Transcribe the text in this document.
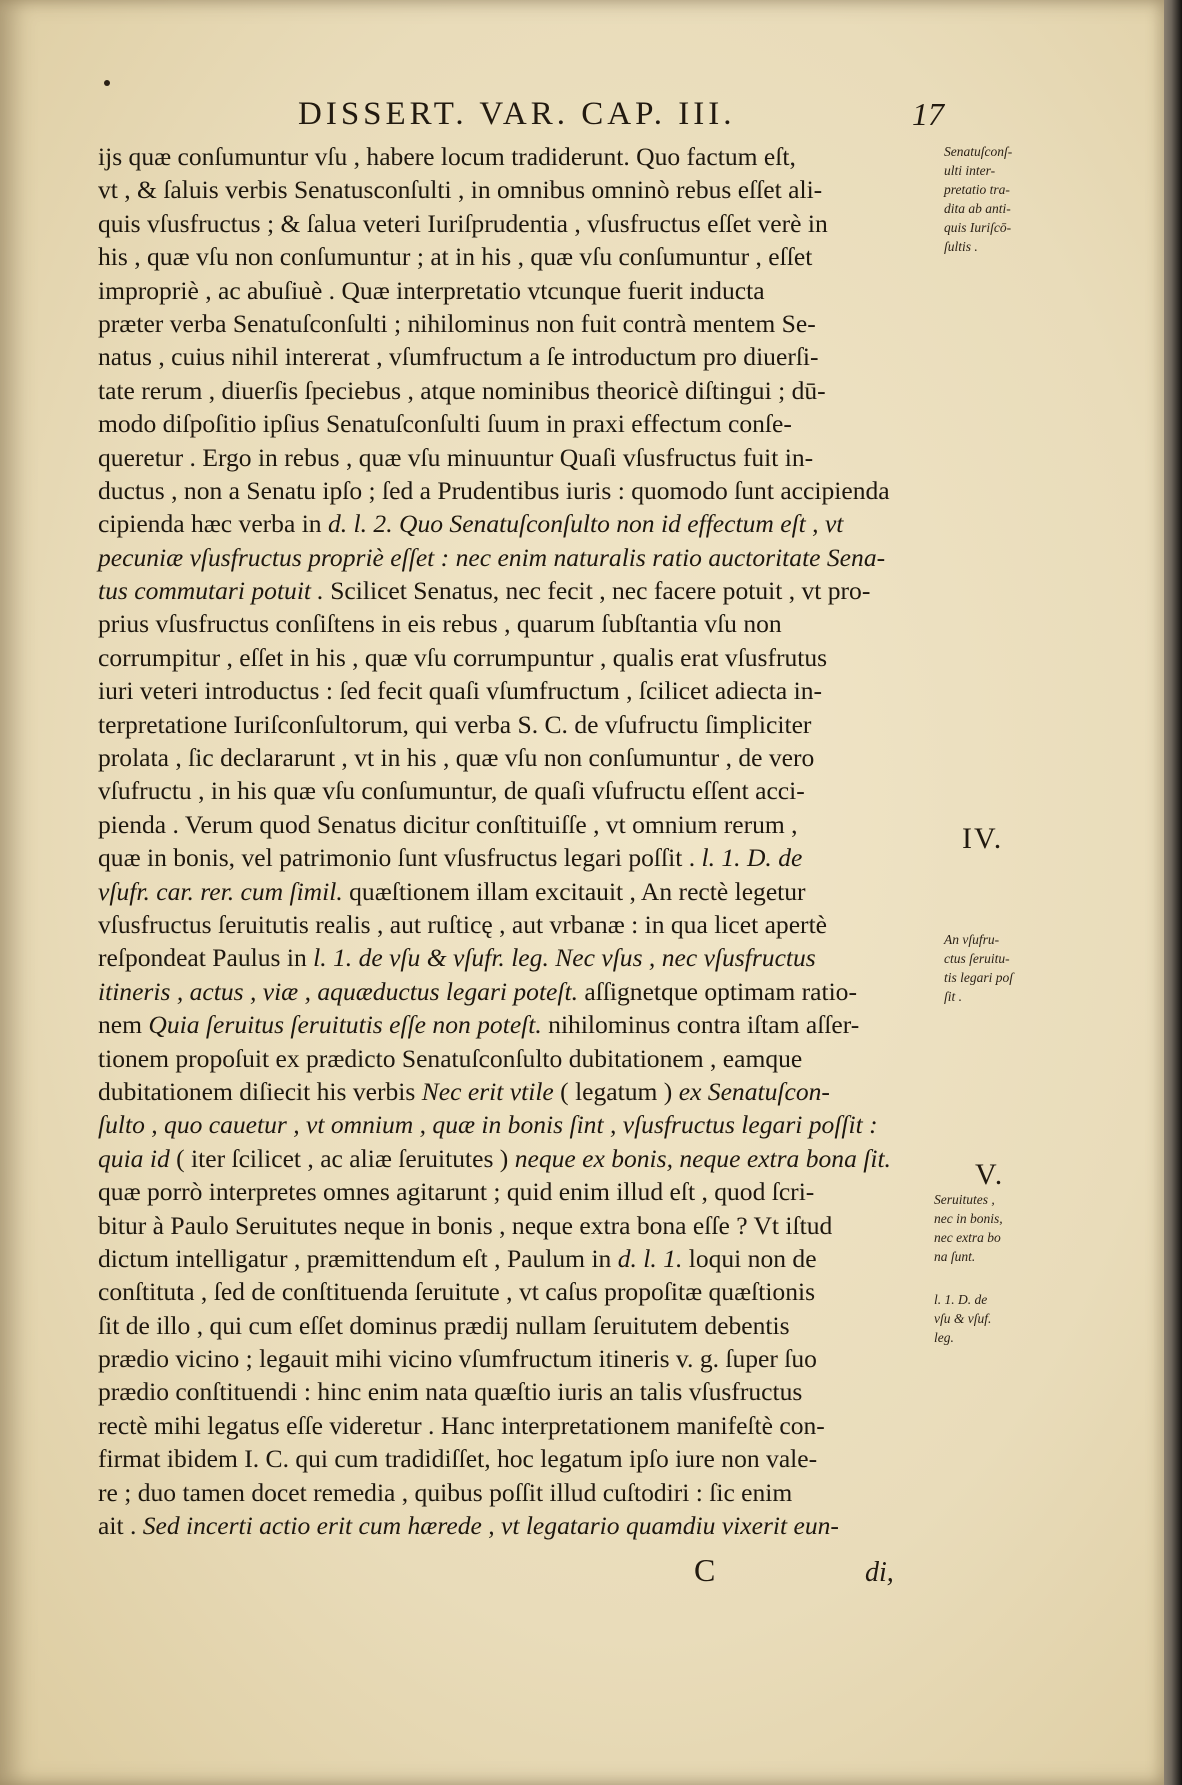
DISSERT. VAR. CAP. III.	17
ijs quæ conſumuntur vſu , habere locum tradiderunt. Quo factum eſt,
vt , & ſaluis verbis Senatusconſulti , in omnibus omninò rebus eſſet ali-
quis vſusfructus ; & ſalua veteri Iuriſprudentia , vſusfructus eſſet verè in
his , quæ vſu non conſumuntur ; at in his , quæ vſu conſumuntur , eſſet
impropriè , ac abuſiuè . Quæ interpretatio vtcunque fuerit inducta
præter verba Senatuſconſulti ; nihilominus non fuit contrà mentem Se-
natus , cuius nihil intererat , vſumfructum a ſe introductum pro diuerſi-
tate rerum , diuerſis ſpeciebus , atque nominibus theoricè diſtingui ; dū-
modo diſpoſitio ipſius Senatuſconſulti ſuum in praxi effectum conſe-
queretur . Ergo in rebus , quæ vſu minuuntur Quaſi vſusfructus fuit in-
ductus , non a Senatu ipſo ; ſed a Prudentibus iuris : quomodo ſunt accipienda
cipienda hæc verba in d. l. 2. Quo Senatuſconſulto non id effectum eſt , vt
pecuniæ vſusfructus propriè eſſet : nec enim naturalis ratio auctoritate Sena-
tus commutari potuit . Scilicet Senatus, nec fecit , nec facere potuit , vt pro-
prius vſusfructus conſiſtens in eis rebus , quarum ſubſtantia vſu non
corrumpitur , eſſet in his , quæ vſu corrumpuntur , qualis erat vſusfrutus
iuri veteri introductus : ſed fecit quaſi vſumfructum , ſcilicet adiecta in-
terpretatione Iuriſconſultorum, qui verba S. C. de vſufructu ſimpliciter
prolata , ſic declararunt , vt in his , quæ vſu non conſumuntur , de vero
vſufructu , in his quæ vſu conſumuntur, de quaſi vſufructu eſſent acci-
pienda . Verum quod Senatus dicitur conſtituiſſe , vt omnium rerum ,
quæ in bonis, vel patrimonio ſunt vſusfructus legari poſſit . l. 1. D. de
vſufr. car. rer. cum ſimil. quæſtionem illam excitauit , An rectè legetur
vſusfructus ſeruitutis realis , aut ruſticę , aut vrbanæ : in qua licet apertè
reſpondeat Paulus in l. 1. de vſu & vſufr. leg. Nec vſus , nec vſusfructus
itineris , actus , viæ , aquæductus legari poteſt. aſſignetque optimam ratio-
nem Quia ſeruitus ſeruitutis eſſe non poteſt. nihilominus contra iſtam aſſer-
tionem propoſuit ex prædicto Senatuſconſulto dubitationem , eamque
dubitationem diſiecit his verbis Nec erit vtile ( legatum ) ex Senatuſcon-
ſulto , quo cauetur , vt omnium , quæ in bonis ſint , vſusfructus legari poſſit :
quia id ( iter ſcilicet , ac aliæ ſeruitutes ) neque ex bonis, neque extra bona ſit.
quæ porrò interpretes omnes agitarunt ; quid enim illud eſt , quod ſcri-
bitur à Paulo Seruitutes neque in bonis , neque extra bona eſſe ? Vt iſtud
dictum intelligatur , præmittendum eſt , Paulum in d. l. 1. loqui non de
conſtituta , ſed de conſtituenda ſeruitute , vt caſus propoſitæ quæſtionis
ſit de illo , qui cum eſſet dominus prædij nullam ſeruitutem debentis
prædio vicino ; legauit mihi vicino vſumfructum itineris v. g. ſuper ſuo
prædio conſtituendi : hinc enim nata quæſtio iuris an talis vſusfructus
rectè mihi legatus eſſe videretur . Hanc interpretationem manifeſtè con-
firmat ibidem I. C. qui cum tradidiſſet, hoc legatum ipſo iure non vale-
re ; duo tamen docet remedia , quibus poſſit illud cuſtodiri : ſic enim
ait . Sed incerti actio erit cum hærede , vt legatario quamdiu vixerit eun-
Senatuſconſ-
ulti inter-
pretatio tra-
dita ab anti-
quis Iuriſcō-
ſultis .
IV.
An vſufru-
ctus ſeruitu-
tis legari poſ
ſit .
V.
Seruitutes ,
nec in bonis,
nec extra bo
na ſunt.
l. 1. D. de
vſu & vſuf.
leg.
C	di,
